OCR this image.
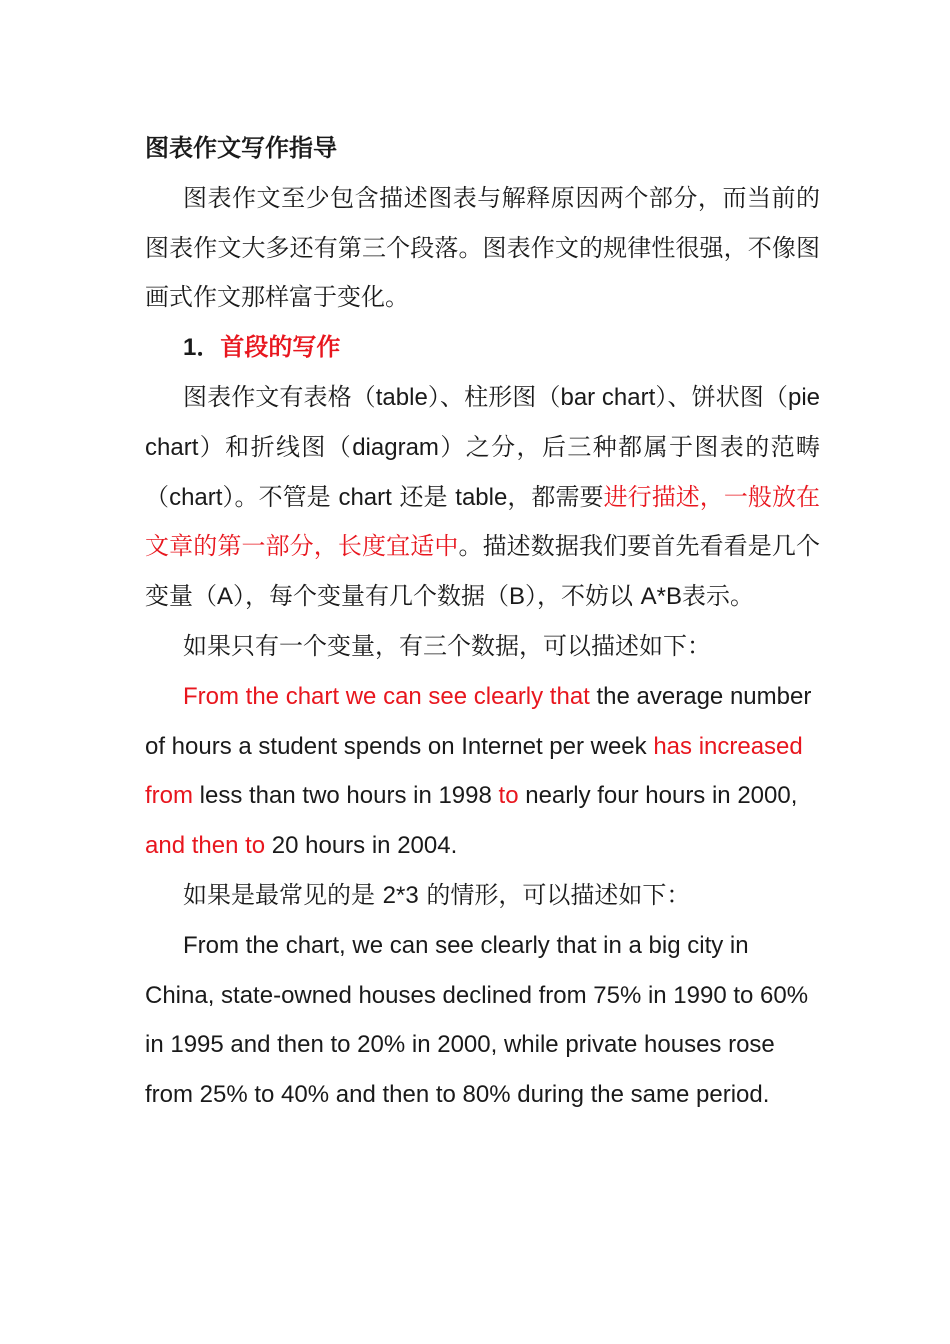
图表作文写作指导

图表作文至少包含描述图表与解释原因两个部分，而当前的图表作文大多还有第三个段落。图表作文的规律性很强，不像图画式作文那样富于变化。

1．首段的写作

图表作文有表格（table）、柱形图（bar chart）、饼状图（pie chart）和折线图（diagram）之分，后三种都属于图表的范畴（chart）。不管是 chart 还是 table，都需要进行描述，一般放在文章的第一部分，长度宜适中。描述数据我们要首先看看是几个变量（A），每个变量有几个数据（B），不妨以 A*B表示。

如果只有一个变量，有三个数据，可以描述如下：

From the chart we can see clearly that the average number of hours a student spends on Internet per week has increased from less than two hours in 1998 to nearly four hours in 2000, and then to 20 hours in 2004.

如果是最常见的是 2*3 的情形，可以描述如下：

From the chart, we can see clearly that in a big city in China, state-owned houses declined from 75% in 1990 to 60% in 1995 and then to 20% in 2000, while private houses rose from 25% to 40% and then to 80% during the same period.
